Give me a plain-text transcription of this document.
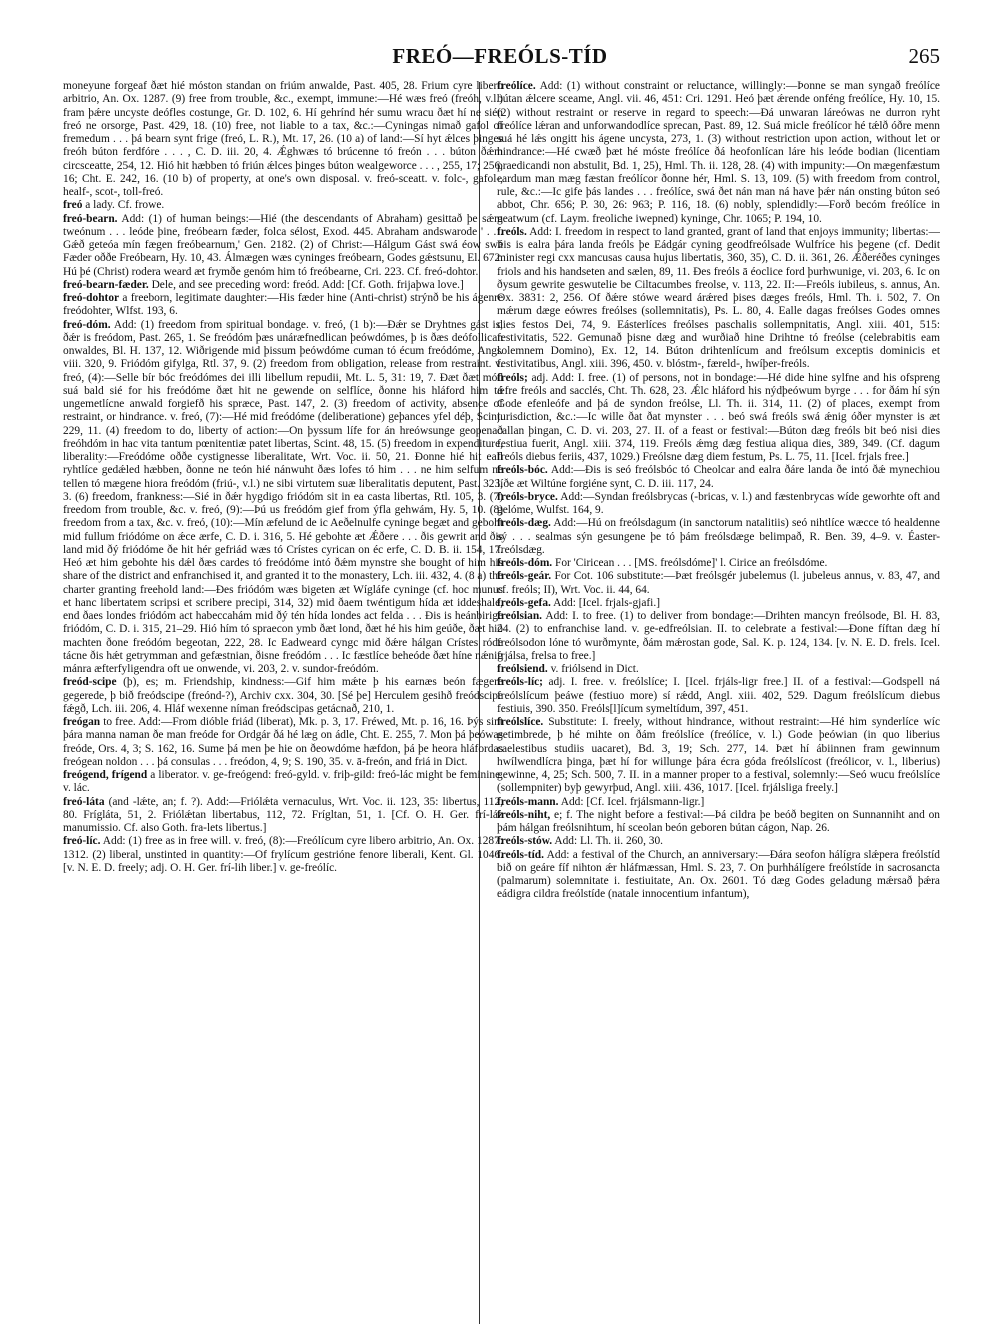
FREÓ—FREÓLS-TÍD	265

moneyune forgeaf ðæt hié móston standan on friúm anwalde, Past. 405, 28. Frium cyre libero arbitrio, An. Ox. 1287. (9) free from trouble, &c., exempt, immune:—Hé wæs freó (freóh, v.l.) fram þǽre uncyste deófles costunge, Gr. D. 102, 6. Hí gehrínd hér sumu wracu ðæt hí ne sién freó ne orsorge, Past. 429, 18. (10) free, not liable to a tax, &c.:—Cyningas nimað gafol of fremedum . . . þá bearn synt frige (freó, L. R.), Mt. 17, 26. (10 a) of land:—Sí hyt ǽlces þinges freóh búton ferdfóre . . . , C. D. iii. 20, 4. Ǽghwæs tó brúcenne tó freón . . . búton ðǽm circsceatte, 254, 12. Hió hit hæbben tó friún ǽlces þinges búton wealgeworce . . . , 255, 17; 256, 16; Cht. E. 242, 16. (10 b) of property, at one's own disposal. v. freó-sceatt. v. folc-, gafol-, healf-, scot-, toll-freó.

freó a lady. Cf. frowe.

freó-bearn. Add: (1) of human beings:—Hié (the descendants of Abraham) gesittað þe sǽm tweónum . . . leóde þine, freóbearn fæder, folca sélost, Exod. 445. Abraham andswarode ' . . . Gǽð geteóa mín fægen freóbearnum,' Gen. 2182. (2) of Christ:—Hálgum Gást swá éow swá Fæder oððe Freóbearn, Hy. 10, 43. Álmægen wæs cyninges freóbearn, Godes gǽstsunu, El. 672. Hú þé (Christ) rodera weard æt frymðe genóm him tó freóbearne, Cri. 223. Cf. freó-dohtor.

freó-bearn-fæder. Dele, and see preceding word: freód. Add: [Cf. Goth. frijaþwa love.]

freó-dohtor a freeborn, legitimate daughter:—His fæder hine (Anti-christ) strýnð be his ágenre freódohter, Wlfst. 193, 6.

freó-dóm. Add: (1) freedom from spiritual bondage. v. freó, (1 b):—Ðǽr se Dryhtnes gást is, ðǽr is freódom, Past. 265, 1. Se freódóm þæs unáræfnedlican þeówdómes, þ is ðæs deófollican onwaldes, Bl. H. 137, 12. Wiðrigende mid þissum þeówdóme cuman tó écum freódóme, Angl. viii. 320, 9. Friódóm gifylga, Rtl. 37, 9. (2) freedom from obligation, release from restraint. v. freó, (4):—Selle bír bóc freódómes dei illi libellum repudii, Mt. L. 5, 31: 19, 7. Ðæt ðæt mód suá bald sié for his freódóme ðæt hit ne gewende on selflíce, ðonne his hláford him tó ungemetlícne anwald forgiefð his spræce, Past. 147, 2. (3) freedom of activity, absence of restraint, or hindrance. v. freó, (7):—Hé mid freódóme (deliberatione) geþances yfel déþ, Scint. 229, 11. (4) freedom to do, liberty of action:—On þyssum lífe for án hreówsunge geopenað freóhdóm in hac vita tantum pœnitentiæ patet libertas, Scint. 48, 15. (5) freedom in expenditure, liberality:—Freódóme oððe cystignesse liberalitate, Wrt. Voc. ii. 50, 21. Ðonne hié hit eall ryhtlíce gedǽled hæbben, ðonne ne teón hié nánwuht ðæs lofes tó him . . . ne him selfum ne tellen tó mægene hiora freódóm (friú-, v.l.) ne sibi virtutem suæ liberalitatis deputent, Past. 323, 3. (6) freedom, frankness:—Sié in ðǽr hygdigo friódóm sit in ea casta libertas, Rtl. 105, 3. (7) freedom from trouble, &c. v. freó, (9):—Þú us freódóm gief from ýfla gehwám, Hy. 5, 10. (8) freedom from a tax, &c. v. freó, (10):—Mín æfelund de ic Aeðelnulfe cyninge begæt and geboht mid fullum friódóme on ǽce ærfe, C. D. i. 316, 5. Hé gebohte æt Ǽðere . . . ðis gewrit and ðis land mid ðý friódóme ðe hit hér gefriád wæs tó Crístes cyrican on éc erfe, C. D. B. ii. 154, 17. Heó æt him gebohte his dǽl ðæs cardes tó freódóme intó ðǽm mynstre she bought of him his share of the district and enfranchised it, and granted it to the monastery, Lch. iii. 432, 4. (8 a) the charter granting freehold land:—Ðes friódóm wæs bigeten æt Wígláfe cyninge (cf. hoc munus et hanc libertatem scripsi et scribere precipi, 314, 32) mid ðaem twéntigum hída æt iddeshale, end ðaes londes friódóm act habeccahám mid ðý tén hída londes act felda . . . Ðis is heánbirige friódóm, C. D. i. 315, 21–29. Hió hím tó spraecon ymb ðæt lond, ðæt hé his him geúðe, ðæt hió machten ðone freódóm begeotan, 222, 28. Ic Eadweard cyngc mid ðǽre hálgan Crístes róde tácne ðis hǽt getrymman and gefæstnian, ðisne freódóm . . . Ic fæstlíce beheóde ðæt híne nǽnig mánra æfterfyligendra oft ue onwende, vi. 203, 2. v. sundor-freódóm.

freód-scipe (þ), es; m. Friendship, kindness:—Gif him mǽte þ his earnæs beón fægere gegerede, þ bið freódscipe (freónd-?), Archiv cxx. 304, 30. [Sé þe] Herculem gesihð freódscipe fǽgð, Lch. iii. 206, 4. Hláf wexenne níman freódscipas getácnað, 210, 1.

freógan to free. Add:—From dióble friád (liberat), Mk. p. 3, 17. Fréwed, Mt. p. 16, 16. Þýs sint þára manna naman ðe man freóde for Ordgár ðá hé læg on ádle, Cht. E. 255, 7. Mon þá þeówas freóde, Ors. 4, 3; S. 162, 16. Sume þá men þe hie on ðeowdóme hæfdon, þá þe heora hláfordas freógean noldon . . . þá consulas . . . freódon, 4, 9; S. 190, 35. v. ā-freón, and friá in Dict.

freógend, frígend a liberator. v. ge-freógend: freó-gyld. v. friþ-gild: freó-lác might be feminine. v. lác.

freó-láta (and -lǽte, an; f. ?). Add:—Friólǽta vernaculus, Wrt. Voc. ii. 123, 35: libertus, 112, 80. Frígláta, 51, 2. Friólǽtan libertabus, 112, 72. Frígltan, 51, 1. [Cf. O. H. Ger. frí-láz manumissio. Cf. also Goth. fra-lets libertus.]

freó-líc. Add: (1) free as in free will. v. freó, (8):—Freólícum cyre libero arbitrio, An. Ox. 1287: 1312. (2) liberal, unstinted in quantity:—Of frylícum gestrióne fenore liberali, Kent. Gl. 1046. [v. N. E. D. freely; adj. O. H. Ger. frí-lih liber.] v. ge-freólíc.

freólíce. Add: (1) without constraint or reluctance, willingly:—Þonne se man syngað freólíce bútan ǽlcere sceame, Angl. vii. 46, 451: Cri. 1291. Heó þæt ǽrende onféng freólíce, Hy. 10, 15. (2) without restraint or reserve in regard to speech:—Ðá unwaran láreówas ne durron ryht freólíce lǽran and unforwandodlíce sprecan, Past. 89, 12. Suá micle freólícor hé tǽlð óðre menn suá hé lǽs ongitt his ágene uncystа, 273, 1. (3) without restriction upon action, without let or hindrance:—Hé cwæð þæt hé móste freólíce ðá heofonlícan láre his leóde bodian (licentiam praedicandi non abstulit, Bd. 1, 25), Hml. Th. ii. 128, 28. (4) with impunity:—On mægenfæstum eardum man mæg fæstan freólícor ðonne hér, Hml. S. 13, 109. (5) with freedom from control, rule, &c.:—Ic gife þás landes . . . freólíce, swá ðet nán man ná have þǽr nán onsting búton seó abbot, Chr. 656; P. 30, 26: 963; P. 116, 18. (6) nobly, splendidly:—Forð becóm freólíce in geatwum (cf. Laym. freoliche iwepned) kyninge, Chr. 1065; P. 194, 10.

freóls. Add: I. freedom in respect to land granted, grant of land that enjoys immunity; libertas:—Þis is ealra þára landa freóls þe Eádgár cyning geodfreólsade Wulfríce his þegene (cf. Dedit minister regi cxx mancusas causa hujus libertatis, 360, 35), C. D. ii. 361, 26. Ǽðeréðes cyninges friols and his handseten and sælen, 89, 11. Ðes freóls ā éoclice ford þurhwunige, vi. 203, 6. Ic on ðysum gewrite geswutelie be Ciltacumbes freolse, v. 113, 22. II:—Freóls iubileus, s. annus, An. Ox. 3831: 2, 256. Of ðǽre stówe weard árǽred þises dæges freóls, Hml. Th. i. 502, 7. On mǽrum dæge eówres freólses (sollemnitatis), Ps. L. 80, 4. Ealle dagas freólses Godes omnes dies festos Dei, 74, 9. Eásterlíces freólses paschalis sollempnitatis, Angl. xiii. 401, 515: festivitatis, 522. Gemunað þisne dæg and wurðiað hine Drihtne tó freólse (celebrabitis eam solemnem Domino), Ex. 12, 14. Búton drihtenlícum and freólsum exceptis dominicis et festivitatibus, Angl. xiii. 396, 450. v. blóstm-, færeld-, hwíþer-freóls.

freóls; adj. Add: I. free. (1) of persons, not in bondage:—Hé dide hine sylfne and his ofspreng ǽfre freóls and sacclés, Cht. Th. 628, 23. Ǽlc hláford his nýdþeówum byrge . . . for ðám hí sýn Gode efenleófe and þá de syndon freólse, Ll. Th. ii. 314, 11. (2) of places, exempt from jurisdiction, &c.:—Ic wille ðat ðat mynster . . . beó swá freóls swá ǽnig óðer mynster is æt callan þingan, C. D. vi. 203, 27. II. of a feast or festival:—Búton dæg freóls bit beó nisi dies festiua fuerit, Angl. xiii. 374, 119. Freóls ǽmg dæg festiua aliqua dies, 389, 349. (Cf. dagum freóls diebus feriis, 437, 1029.) Freólsne dæg diem festum, Ps. L. 75, 11. [Icel. frjals free.]

freóls-bóc. Add:—Ðis is seó freólsbóc tó Cheolcar and ealra ðáre landa ðe intó ðǽ mynechiou líðe æt Wiltúne forgiéne synt, C. D. iii. 117, 24.

freóls-bryce. Add:—Syndan freólsbrycas (-bricas, v. l.) and fæstenbrycas wíde geworhte oft and gelóme, Wulfst. 164, 9.

freóls-dæg. Add:—Hú on freólsdagum (in sanctorum natalitiis) seó nihtlíce wæcce tó healdenne sý . . . sealmas sýn gesungene þe tó þám freólsdæge belimpað, R. Ben. 39, 4–9. v. Éaster-freólsdæg.

freóls-dóm. For 'Ciricean . . . [MS. freólsdóme]' l. Cirice an freólsdóme.

freóls-geár. For Cot. 106 substitute:—Þæt freólsgér jubelemus (l. jubeleus annus, v. 83, 47, and cf. freóls; II), Wrt. Voc. ii. 44, 64.

freóls-gefa. Add: [Icel. frjals-gjafi.]

freólsian. Add: I. to free. (1) to deliver from bondage:—Drihten mancyn freólsode, Bl. H. 83, 24. (2) to enfranchise land. v. ge-edfreólsian. II. to celebrate a festival:—Ðone fíftan dæg hí freólsodon lóne tó wurðmynte, ðám mǽrostan gode, Sal. K. p. 124, 134. [v. N. E. D. frels. Icel. frjálsa, frelsa to free.]

freólsiend. v. friólsend in Dict.

freóls-líc; adj. I. free. v. freólslíce; I. [Icel. frjáls-ligr free.] II. of a festival:—Godspell ná freólslícum þeáwe (festiuo more) sí rǽdd, Angl. xiii. 402, 529. Dagum freólslícum diebus festiuis, 390. 350. Freóls[l]ícum symeltídum, 397, 451.

freólslíce. Substitute: I. freely, without hindrance, without restraint:—Hé him synderlíce wíc getimbrede, þ hé mihte on ðám freólslíce (freólíce, v. l.) Gode þeówian (in quo liberius caelestibus studiis uacaret), Bd. 3, 19; Sch. 277, 14. Þæt hí ábiinnen fram gewinnum hwílwendlícra þinga, þæt hí for willunge þára écra góda freólslícost (freólicor, v. l., liberius) gewinne, 4, 25; Sch. 500, 7. II. in a manner proper to a festival, solemnly:—Seó wucu freólslíce (sollempniter) byþ gewyrþud, Angl. xiii. 436, 1017. [Icel. frjálsliga freely.]

freóls-mann. Add: [Cf. Icel. frjálsmann-ligr.]

freóls-niht, e; f. The night before a festival:—Þá cildra þe beóð begiten on Sunnanniht and on þám hálgan freólsnihtum, hí sceolan beón geboren bútan cágon, Nap. 26.

freóls-stów. Add: Ll. Th. ii. 260, 30.

freóls-tíd. Add: a festival of the Church, an anniversary:—Ðára seofon hálígra slǽpera freólstíd bið on geáre fíf nihton ǽr hláfmæssan, Hml. S. 23, 7. On þurhhálígere freólstíde in sacrosancta (palmarum) solemnitate i. festiuitate, An. Ox. 2601. Tó dæg Godes geladung mǽrsað þǽra eádigra cildra freólstíde (natale innocentium infantum),
